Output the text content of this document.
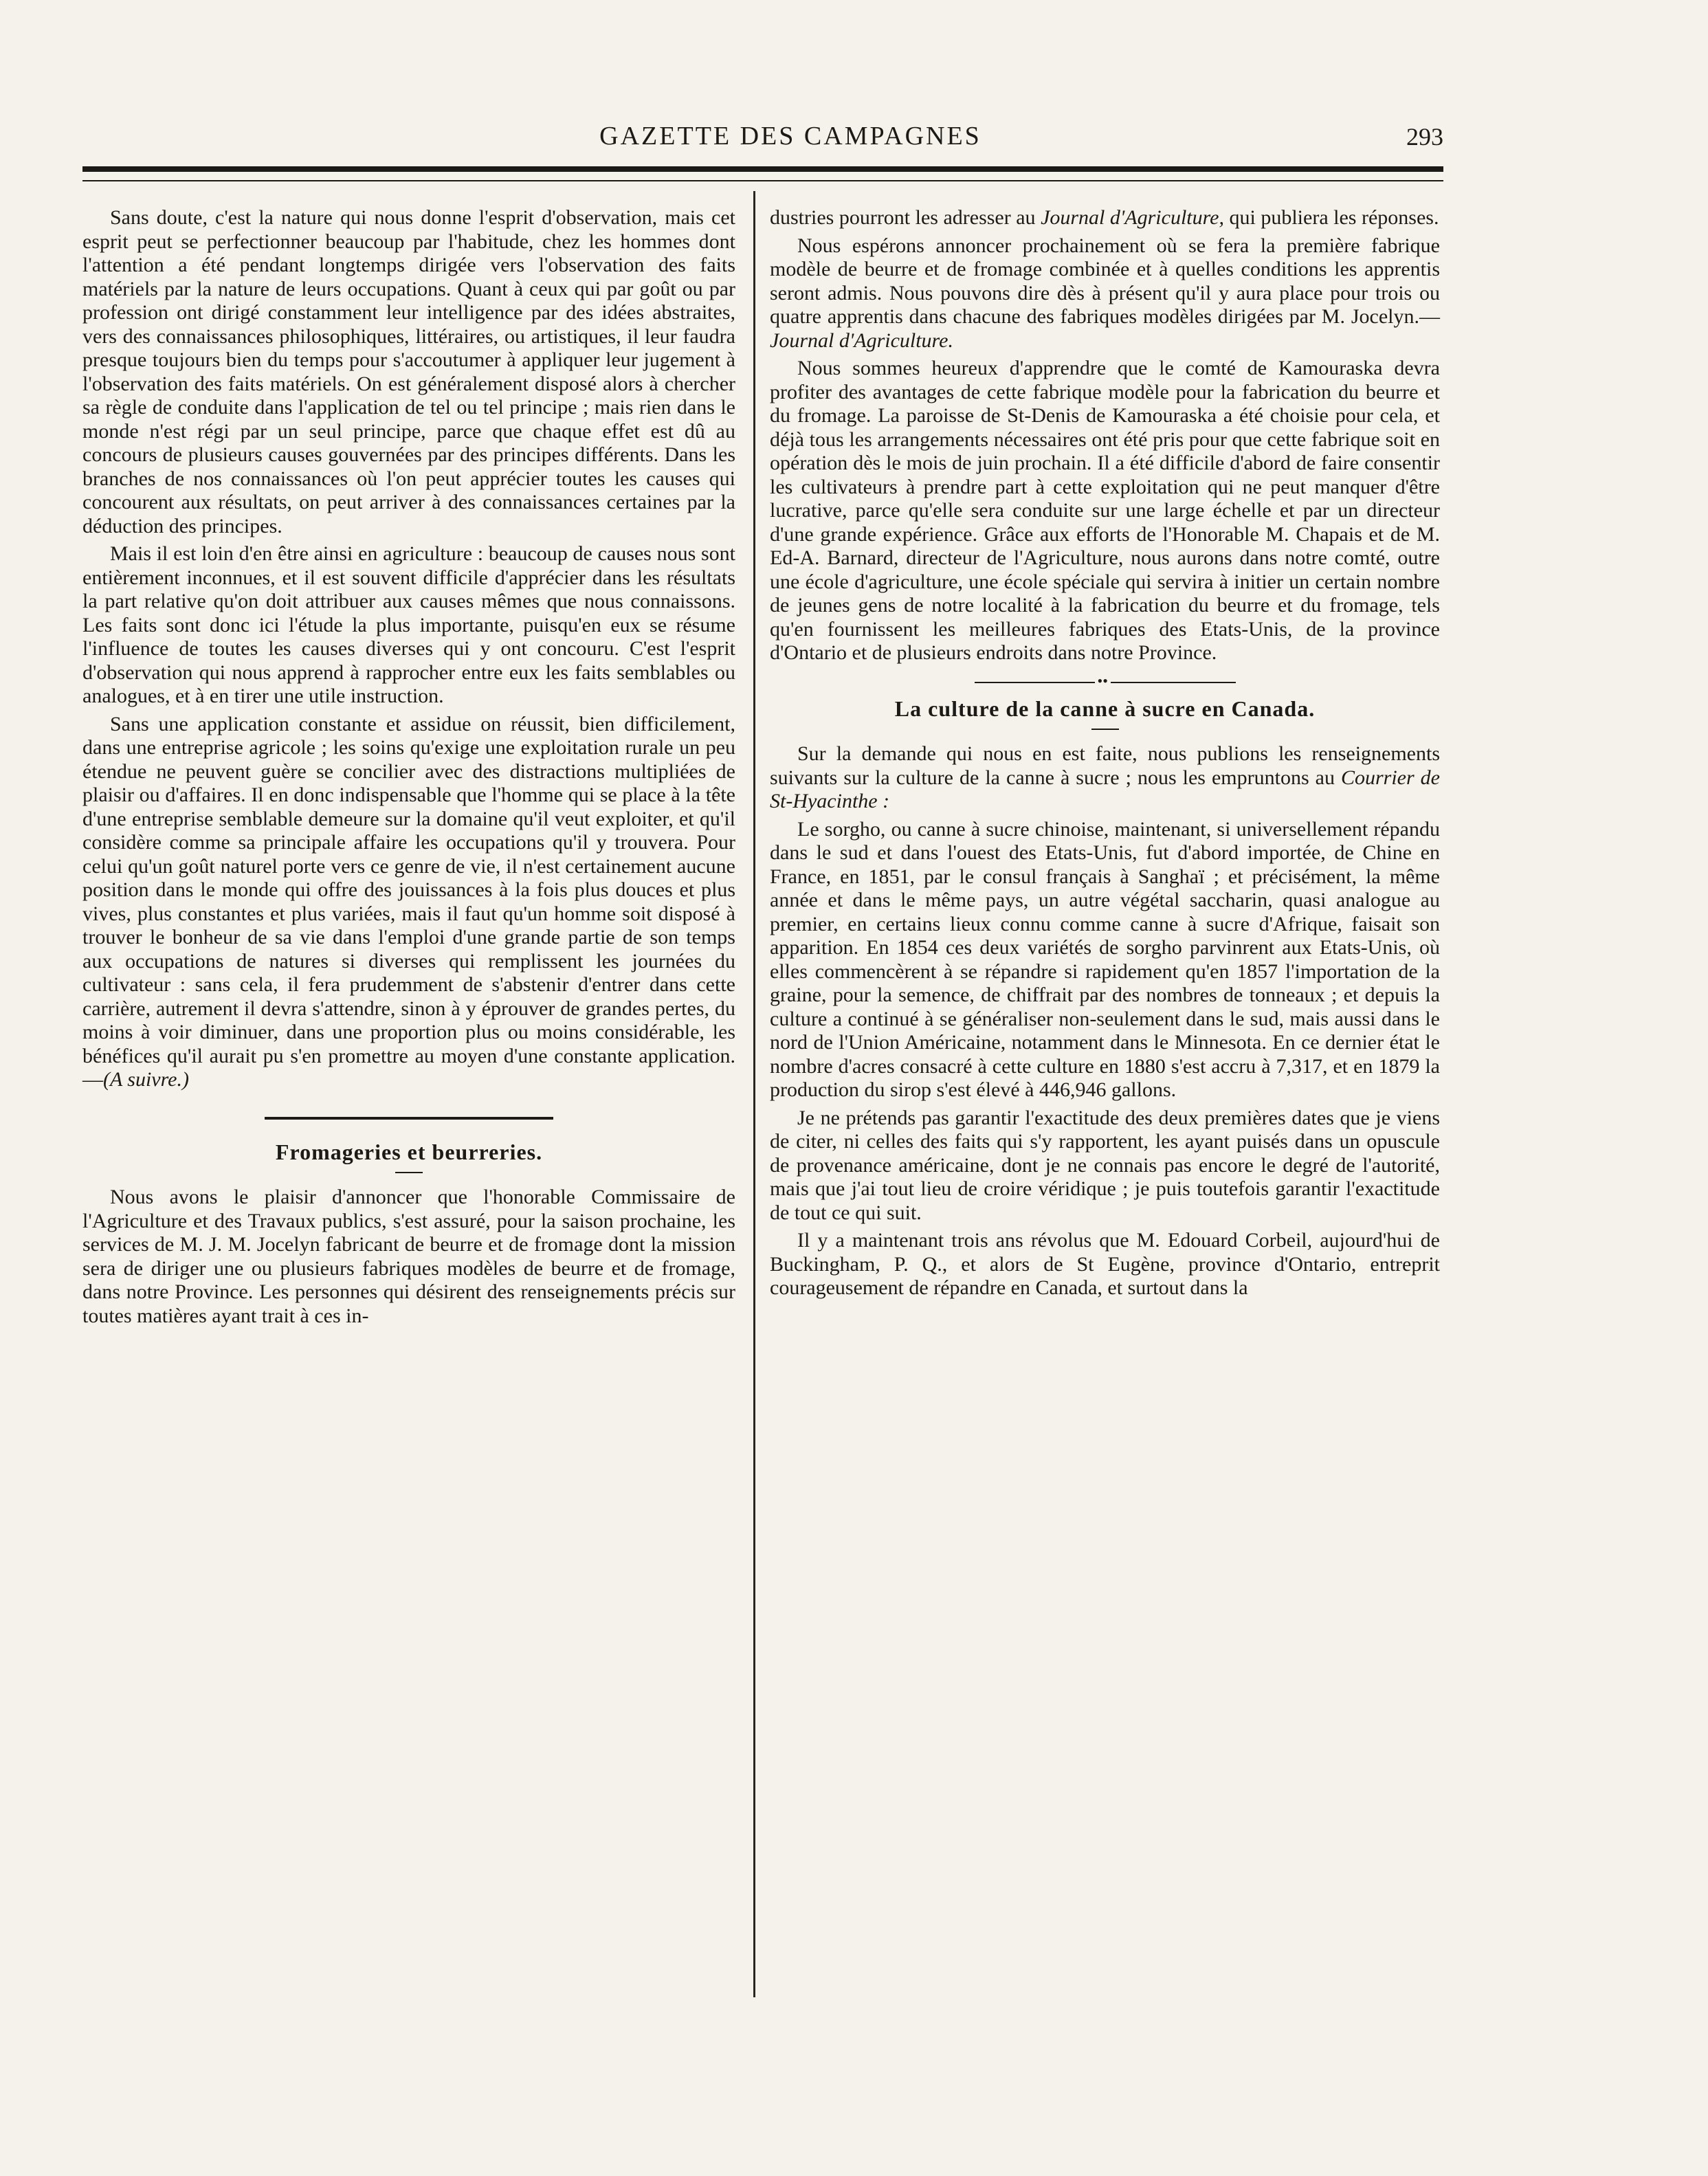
GAZETTE DES CAMPAGNES	293

Sans doute, c'est la nature qui nous donne l'esprit d'observation, mais cet esprit peut se perfectionner beaucoup par l'habitude, chez les hommes dont l'attention a été pendant longtemps dirigée vers l'observation des faits matériels par la nature de leurs occupations. Quant à ceux qui par goût ou par profession ont dirigé constamment leur intelligence par des idées abstraites, vers des connaissances philosophiques, littéraires, ou artistiques, il leur faudra presque toujours bien du temps pour s'accoutumer à appliquer leur jugement à l'observation des faits matériels. On est généralement disposé alors à chercher sa règle de conduite dans l'application de tel ou tel principe ; mais rien dans le monde n'est régi par un seul principe, parce que chaque effet est dû au concours de plusieurs causes gouvernées par des principes différents. Dans les branches de nos connaissances où l'on peut apprécier toutes les causes qui concourent aux résultats, on peut arriver à des connaissances certaines par la déduction des principes.

Mais il est loin d'en être ainsi en agriculture : beaucoup de causes nous sont entièrement inconnues, et il est souvent difficile d'apprécier dans les résultats la part relative qu'on doit attribuer aux causes mêmes que nous connaissons. Les faits sont donc ici l'étude la plus importante, puisqu'en eux se résume l'influence de toutes les causes diverses qui y ont concouru. C'est l'esprit d'observation qui nous apprend à rapprocher entre eux les faits semblables ou analogues, et à en tirer une utile instruction.

Sans une application constante et assidue on réussit, bien difficilement, dans une entreprise agricole ; les soins qu'exige une exploitation rurale un peu étendue ne peuvent guère se concilier avec des distractions multipliées de plaisir ou d'affaires. Il en donc indispensable que l'homme qui se place à la tête d'une entreprise semblable demeure sur la domaine qu'il veut exploiter, et qu'il considère comme sa principale affaire les occupations qu'il y trouvera. Pour celui qu'un goût naturel porte vers ce genre de vie, il n'est certainement aucune position dans le monde qui offre des jouissances à la fois plus douces et plus vives, plus constantes et plus variées, mais il faut qu'un homme soit disposé à trouver le bonheur de sa vie dans l'emploi d'une grande partie de son temps aux occupations de natures si diverses qui remplissent les journées du cultivateur : sans cela, il fera prudemment de s'abstenir d'entrer dans cette carrière, autrement il devra s'attendre, sinon à y éprouver de grandes pertes, du moins à voir diminuer, dans une proportion plus ou moins considérable, les bénéfices qu'il aurait pu s'en promettre au moyen d'une constante application.—(A suivre.)

Fromageries et beurreries.

Nous avons le plaisir d'annoncer que l'honorable Commissaire de l'Agriculture et des Travaux publics, s'est assuré, pour la saison prochaine, les services de M. J. M. Jocelyn fabricant de beurre et de fromage dont la mission sera de diriger une ou plusieurs fabriques modèles de beurre et de fromage, dans notre Province. Les personnes qui désirent des renseignements précis sur toutes matières ayant trait à ces in-

dustries pourront les adresser au Journal d'Agriculture, qui publiera les réponses.

Nous espérons annoncer prochainement où se fera la première fabrique modèle de beurre et de fromage combinée et à quelles conditions les apprentis seront admis. Nous pouvons dire dès à présent qu'il y aura place pour trois ou quatre apprentis dans chacune des fabriques modèles dirigées par M. Jocelyn.—Journal d'Agriculture.

Nous sommes heureux d'apprendre que le comté de Kamouraska devra profiter des avantages de cette fabrique modèle pour la fabrication du beurre et du fromage. La paroisse de St-Denis de Kamouraska a été choisie pour cela, et déjà tous les arrangements nécessaires ont été pris pour que cette fabrique soit en opération dès le mois de juin prochain. Il a été difficile d'abord de faire consentir les cultivateurs à prendre part à cette exploitation qui ne peut manquer d'être lucrative, parce qu'elle sera conduite sur une large échelle et par un directeur d'une grande expérience. Grâce aux efforts de l'Honorable M. Chapais et de M. Ed-A. Barnard, directeur de l'Agriculture, nous aurons dans notre comté, outre une école d'agriculture, une école spéciale qui servira à initier un certain nombre de jeunes gens de notre localité à la fabrication du beurre et du fromage, tels qu'en fournissent les meilleures fabriques des Etats-Unis, de la province d'Ontario et de plusieurs endroits dans notre Province.

••
La culture de la canne à sucre en Canada.

Sur la demande qui nous en est faite, nous publions les renseignements suivants sur la culture de la canne à sucre ; nous les empruntons au Courrier de St-Hyacinthe :

Le sorgho, ou canne à sucre chinoise, maintenant, si universellement répandu dans le sud et dans l'ouest des Etats-Unis, fut d'abord importée, de Chine en France, en 1851, par le consul français à Sanghaï ; et précisément, la même année et dans le même pays, un autre végétal saccharin, quasi analogue au premier, en certains lieux connu comme canne à sucre d'Afrique, faisait son apparition. En 1854 ces deux variétés de sorgho parvinrent aux Etats-Unis, où elles commencèrent à se répandre si rapidement qu'en 1857 l'importation de la graine, pour la semence, de chiffrait par des nombres de tonneaux ; et depuis la culture a continué à se généraliser non-seulement dans le sud, mais aussi dans le nord de l'Union Américaine, notamment dans le Minnesota. En ce dernier état le nombre d'acres consacré à cette culture en 1880 s'est accru à 7,317, et en 1879 la production du sirop s'est élevé à 446,946 gallons.

Je ne prétends pas garantir l'exactitude des deux premières dates que je viens de citer, ni celles des faits qui s'y rapportent, les ayant puisés dans un opuscule de provenance américaine, dont je ne connais pas encore le degré de l'autorité, mais que j'ai tout lieu de croire véridique ; je puis toutefois garantir l'exactitude de tout ce qui suit.

Il y a maintenant trois ans révolus que M. Edouard Corbeil, aujourd'hui de Buckingham, P. Q., et alors de St Eugène, province d'Ontario, entreprit courageusement de répandre en Canada, et surtout dans la
